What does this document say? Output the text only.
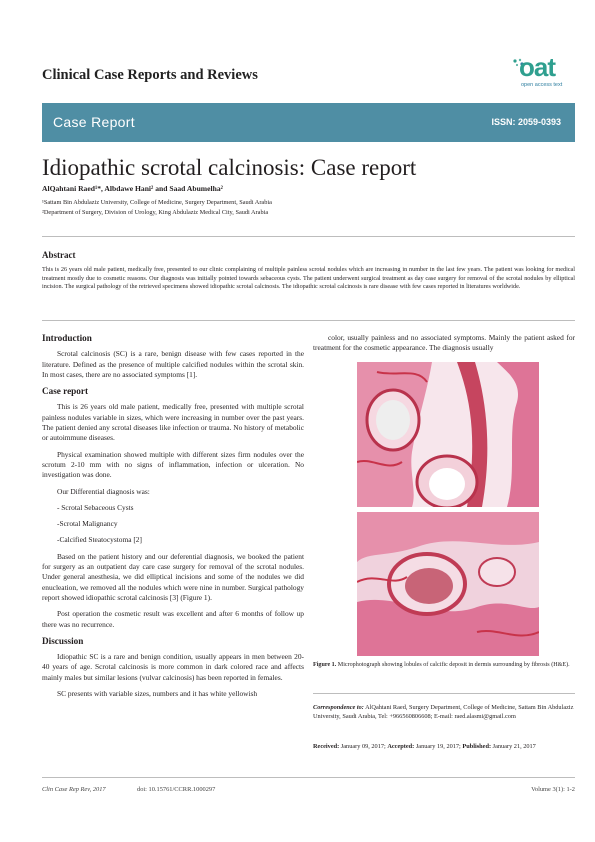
Clinical Case Reports and Reviews	oat
open access text
Case Report	ISSN: 2059-0393
Idiopathic scrotal calcinosis: Case report
AlQahtani Raed¹*, Albdawe Hani² and Saad Abumelha²
¹Sattam Bin Abdulaziz University, College of Medicine, Surgery Department, Saudi Arabia
²Department of Surgery, Division of Urology, King Abdulaziz Medical City, Saudi Arabia
Abstract
This is 26 years old male patient, medically free, presented to our clinic complaining of multiple painless scrotal nodules which are increasing in number in the last few years. The patient was looking for medical treatment mostly due to cosmetic reasons. Our diagnosis was initially pointed towards sebaceous cysts. The patient underwent surgical treatment as day case surgery for removal of the scrotal nodules by elliptical incision. The surgical pathology of the retrieved specimens showed idiopathic scrotal calcinosis. The idiopathic scrotal calcinosis is rare disease with few cases reported in literatures worldwide.
Introduction

Scrotal calcinosis (SC) is a rare, benign disease with few cases reported in the literature. Defined as the presence of multiple calcified nodules within the scrotal skin. In most cases, there are no associated symptoms [1].

Case report

This is 26 years old male patient, medically free, presented with multiple scrotal painless nodules variable in sizes, which were increasing in number over the past years. The patient denied any scrotal diseases like infection or trauma. No history of metabolic or autoimmune diseases.

Physical examination showed multiple with different sizes firm nodules over the scrotum 2-10 mm with no signs of inflammation, infection or ulceration. No investigation was done.

Our Differential diagnosis was:

- Scrotal Sebaceous Cysts
-Scrotal Malignancy
-Calcified Steatocystoma [2]

Based on the patient history and our deferential diagnosis, we booked the patient for surgery as an outpatient day care case surgery for removal of the scrotal nodules. Under general anesthesia, we did elliptical incisions and some of the nodules we did enucleation, we removed all the nodules which were nine in number. Surgical pathology report showed idiopathic scrotal calcinosis [3] (Figure 1).

Post operation the cosmetic result was excellent and after 6 months of follow up there was no recurrence.

Discussion

Idiopathic SC is a rare and benign condition, usually appears in men between 20-40 years of age. Scrotal calcinosis is more common in dark colored race and affects mainly males but similar lesions (vulvar calcinosis) has been reported in females.

SC presents with variable sizes, numbers and it has white yellowish

color, usually painless and no associated symptoms. Mainly the patient asked for treatment for the cosmetic appearance. The diagnosis usually

Figure 1. Microphotograph showing lobules of calcific deposit in dermis surrounding by fibrosis (H&E).
Correspondence to: AlQahtani Raed, Surgery Department, College of Medicine, Sattam Bin Abdulaziz University, Saudi Arabia, Tel: +966560806608; E-mail: raed.alasmi@gmail.com
Received: January 09, 2017; Accepted: January 19, 2017; Published: January 21, 2017
Clin Case Rep Rev, 2017	doi: 10.15761/CCRR.1000297	Volume 3(1): 1-2
